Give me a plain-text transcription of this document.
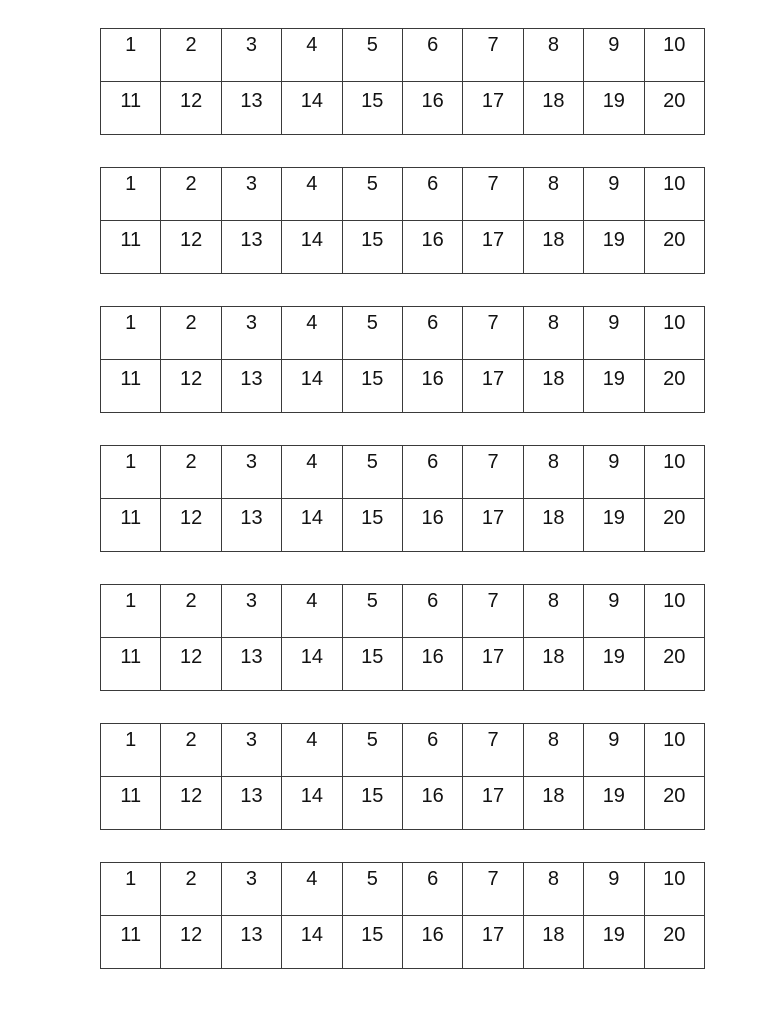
1	2	3	4	5	6	7	8	9	10

11	12	13	14	15	16	17	18	19	20
1	2	3	4	5	6	7	8	9	10

11	12	13	14	15	16	17	18	19	20
1	2	3	4	5	6	7	8	9	10

11	12	13	14	15	16	17	18	19	20
1	2	3	4	5	6	7	8	9	10

11	12	13	14	15	16	17	18	19	20
1	2	3	4	5	6	7	8	9	10

11	12	13	14	15	16	17	18	19	20
1	2	3	4	5	6	7	8	9	10

11	12	13	14	15	16	17	18	19	20
1	2	3	4	5	6	7	8	9	10

11	12	13	14	15	16	17	18	19	20
